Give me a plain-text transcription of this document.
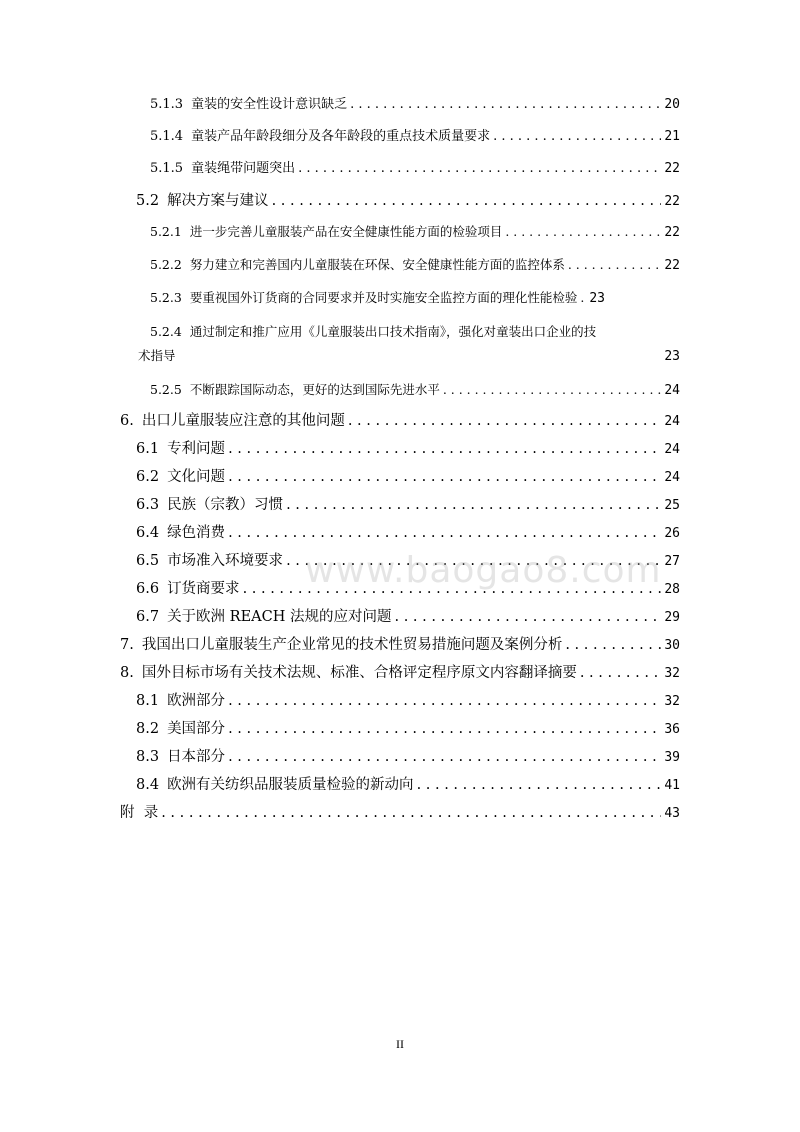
5.1.3 童装的安全性设计意识缺乏 . . .	20
5.1.4 童装产品年龄段细分及各年龄段的重点技术质量要求 . . .	21
5.1.5 童装绳带问题突出 . . .	22
5.2 解决方案与建议 . . .	22
5.2.1 进一步完善儿童服装产品在安全健康性能方面的检验项目 . . .	22
5.2.2 努力建立和完善国内儿童服装在环保、安全健康性能方面的监控体系 . . .	22
5.2.3 要重视国外订货商的合同要求并及时实施安全监控方面的理化性能检验 . . . 23
5.2.4 通过制定和推广应用《儿童服装出口技术指南》，强化对童装出口企业的技
术指导	23
5.2.5 不断跟踪国际动态，更好的达到国际先进水平 . . .	24
6. 出口儿童服装应注意的其他问题 . . .	24
6.1 专利问题 . . .	24
6.2 文化问题 . . .	24
6.3 民族（宗教）习惯 . . .	25
6.4 绿色消费 . . .	26
6.5 市场准入环境要求 . . .	27
6.6 订货商要求 . . .	28
6.7 关于欧洲 REACH 法规的应对问题 . . .	29
7. 我国出口儿童服装生产企业常见的技术性贸易措施问题及案例分析 . . .	30
8. 国外目标市场有关技术法规、标准、合格评定程序原文内容翻译摘要 . . .	32
8.1 欧洲部分 . . .	32
8.2 美国部分 . . .	36
8.3 日本部分 . . .	39
8.4 欧洲有关纺织品服装质量检验的新动向 . . .	41
附  录 . . .	43
www.baogao8.com
II
